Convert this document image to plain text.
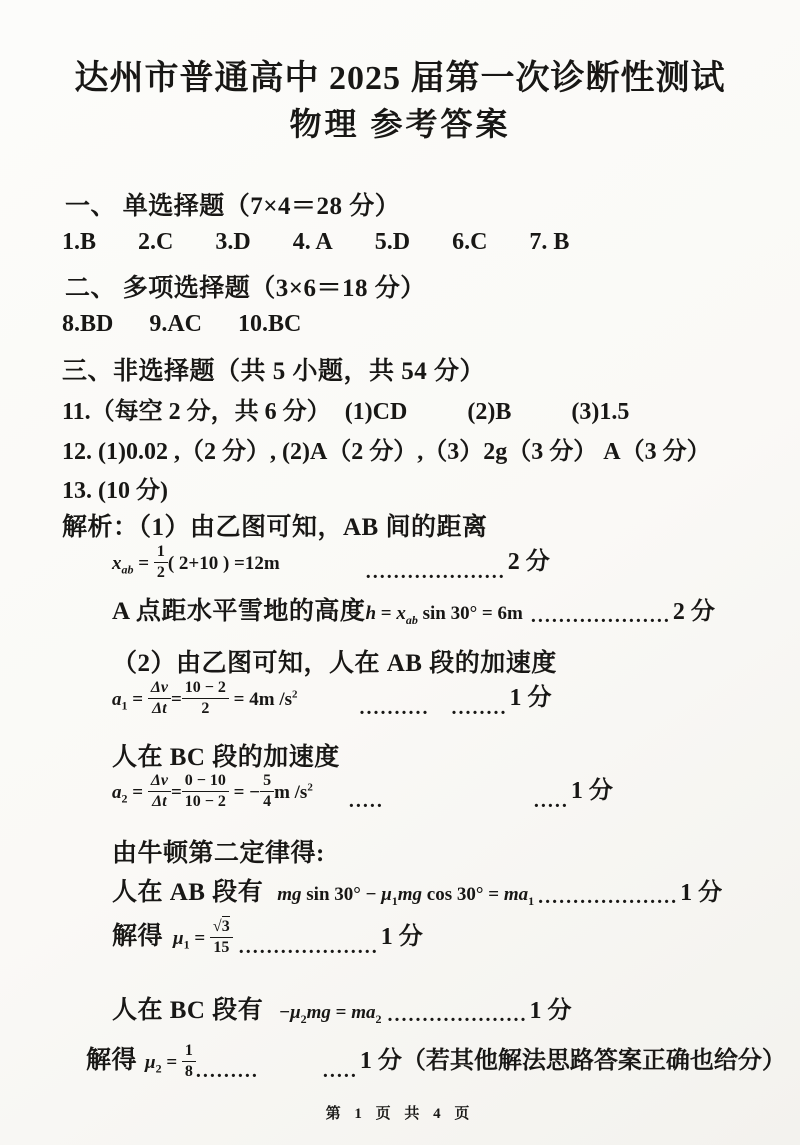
达州市普通高中 2025 届第一次诊断性测试
物理 参考答案
一、 单选择题（7×4＝28 分）
1.B 2.C 3.D 4. A 5.D 6.C 7. B
二、 多项选择题（3×6＝18 分）
8.BD 9.AC 10.BC
三、非选择题（共 5 小题，共 54 分）
11.（每空 2 分，共 6 分） (1)CD	(2)B	(3)1.5
12. (1)0.02 ,（2 分）, (2)A（2 分）,（3）2g（3 分） A（3 分）
13. (10 分)
解析：（1）由乙图可知，AB 间的距离
$x_{ab} = \frac{1}{2}$ ( 2+10 ) =12m	.................... 2 分
A 点距水平雪地的高度 $h = x_{ab}$ sin 30° = 6m .................... 2 分
（2）由乙图可知，人在 AB 段的加速度
$a_1 = \frac{\Delta v}{\Delta t} = \frac{10 - 2}{2} = 4m$ $/s^2$
.......... ........ 1 分
人在 BC 段的加速度
$a_2 = \frac{\Delta v}{\Delta t} = \frac{0 - 10}{10 - 2}$ = − $\frac{5}{4}$ m $/s^2$
.....	..... 1 分
由牛顿第二定律得:
人在 AB 段有 mg $\sin 30^\circ - \mu_1mg$ $\cos 30^\circ = ma_1$ .................... 1 分
解得 $\mu_1 = \frac{√3}{15}$ .................... 1 分
人在 BC 段有 $-\mu_2mg = ma_2$ .................... 1 分
解得 $\mu_2 = \frac{1}{8}$ .........	..... 1 分（若其他解法思路答案正确也给分）
第 1 页 共 4 页
